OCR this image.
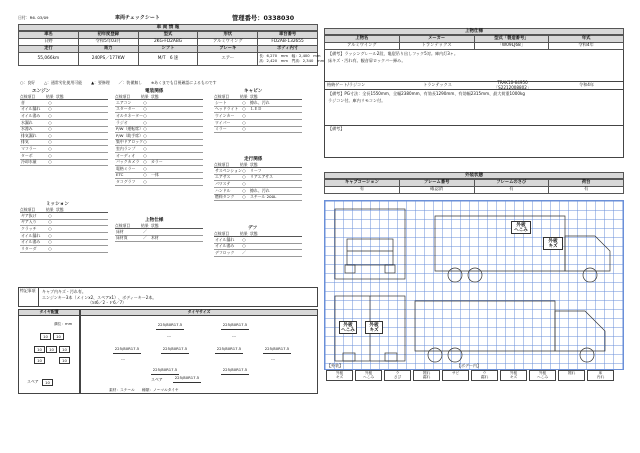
日付：R6. 03/09	車両チェックシート	管理番号：0338030
車 両 情 報
車名	初年度登録	型式	形状	車台番号
日野	令和5年03月	2KG-FD2ABG	アルミウイング	FD2AB-132655
走行	馬力	シフト	ブレーキ	ボディ内寸
55,066km	240PS／177KW	M/T　6 速	エアー	長：6,270　mm　幅：2,400　mm
高：2,420　mm　門高：2,340　mm
○：良好 △：通常劣化使用可能 ▲：要修理 ／：装備無し ※あくまでも目視確認によるものです
エンジン
点検項目	結果 状態
音	○
オイル漏れ	○
オイル滲み	○
水漏れ	○
水滲み	○
排気漏れ	○
排気	○
マフラー	○
ターボ	○
冷却水量	○
電装関係
点検項目	結果 状態
エアコン	○
スターター	○
オルタネーター ○
ラジオ	○
P/W（運転席） ○
P/W（助手席） ○
集中ドアロック ○
室内ランプ	○
オーディオ	○
バックカメラ	○	カラー
電格ミラー	○
ETC	○	一体
タコグラフ	○
キャビン
点検項目	結果 状態
シート	○	擦れ、汚れ
ヘッドライト	○	ＬＥＤ
ウインカー	○
ワイパー	○
ミラー	○
走行関係
点検項目	結果 状態
サスペンション ○	リーフ
エアサス	○	リアエアサス
パワステ	○
ハンドル	○	擦れ、汚れ
燃料タンク	○	スチール 200L
ミッション
点検項目	結果 状態
ギア抜け	○
ギア入り	○
クラッチ	○
オイル漏れ	○
オイル滲み	○
リターダ	○
上物仕様
点検項目	結果 状態
床材	／
床材質	／	木材
デフ
点検項目	結果 状態
オイル漏れ	○
オイル滲み	○
デフロック	／
特記事項	キャブ内キズ・汚れ有。
エンジンキー3本（メインx2、スペアx1）、ボディーキー2本。
　　　　　　　　　　　　（Ｍ6／2・Ｆ6／7）
タイヤ配置
溝位：mm
10	10
10	10	10
10	10
スペア	10
タイヤサイズ
225/80R17.5	225/80R17.5
---	---
225/80R17.5	225/80R17.5	225/80R17.5	225/80R17.5
---	---
225/80R17.5	225/80R17.5
スペア	225/80R17.5
素材：スチール　　種類：ノーマルタイヤ
上物仕様
上物名	メーカー	型式「製造番号」	年式
アルミウイング	トランテックス	「W09LJ68」	令和4年
【備考】ラッシングレール2段、亀裂吊り出しフック5対。庫内灯3ヶ。
床キズ・汚れ有。観音扉ロックバー挿み。
格納ゲート/ラジコン	トランテックス	TRAK10-64950
「S2212008802」	令和4年
【備考】PG寸法：全長1550mm、全幅2380mm、有効長1290mm、有効幅2315mm、最大荷重1000kg
ラジコン付。庫内リモコン付。
【備考】
外装状態
キャブコーション	フレーム番号	フレームのさび	荷台
有	確認済	有	有
外板
へこみ
外板
キズ
外板
へこみ
外板
キズ
【外装】	【ボデー内】
外板
キズ
外板
へこみ
ラ
さび
擦れ
腐れ
サビ	ウ
腐れ
外板
キズ
外板
へこみ
擦れ	床
汚れ
